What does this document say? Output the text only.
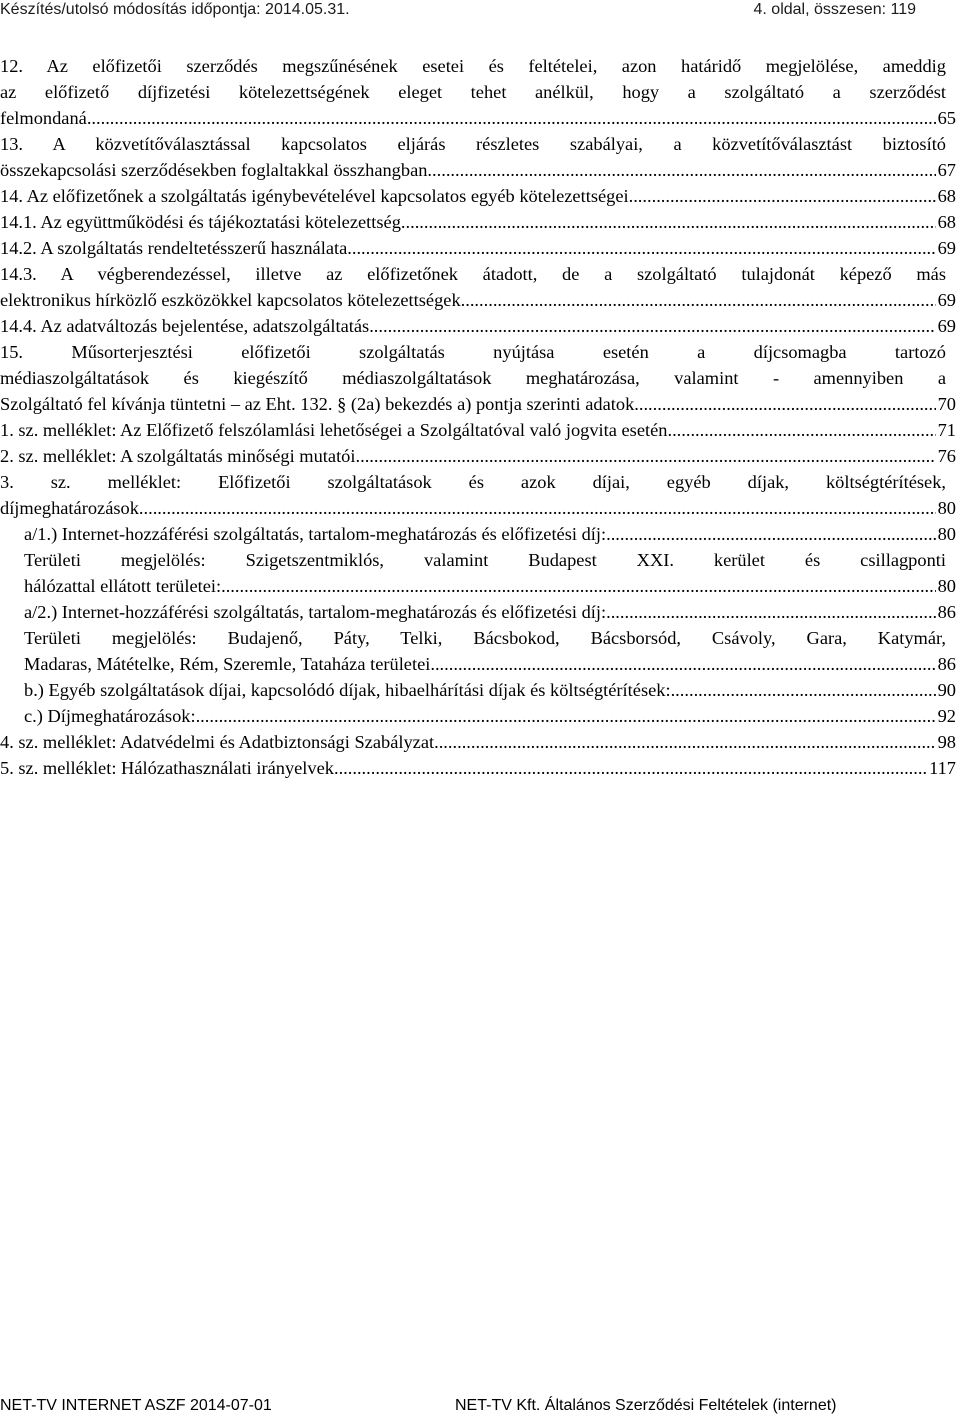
Készítés/utolsó módosítás időpontja: 2014.05.31.	4. oldal, összesen: 119
12. Az előfizetői szerződés megszűnésének esetei és feltételei, azon határidő megjelölése, ameddig
az előfizető díjfizetési kötelezettségének eleget tehet anélkül, hogy a szolgáltató a szerződést
felmondaná .....	65
13. A közvetítőválasztással kapcsolatos eljárás részletes szabályai, a közvetítőválasztást biztosító
összekapcsolási szerződésekben foglaltakkal összhangban. .....	67
14. Az előfizetőnek a szolgáltatás igénybevételével kapcsolatos egyéb kötelezettségei .....	68
14.1. Az együttműködési és tájékoztatási kötelezettség .....	68
14.2. A szolgáltatás rendeltetésszerű használata .....	69
14.3. A végberendezéssel, illetve az előfizetőnek átadott, de a szolgáltató tulajdonát képező más
elektronikus hírközlő eszközökkel kapcsolatos kötelezettségek .....	69
14.4. Az adatváltozás bejelentése, adatszolgáltatás .....	69
15. Műsorterjesztési előfizetői szolgáltatás nyújtása esetén a díjcsomagba tartozó
médiaszolgáltatások és kiegészítő médiaszolgáltatások meghatározása, valamint - amennyiben a
Szolgáltató fel kívánja tüntetni – az Eht. 132. § (2a) bekezdés a) pontja szerinti adatok. .....	70
1. sz. melléklet: Az Előfizető felszólamlási lehetőségei a Szolgáltatóval való jogvita esetén .....	71
2. sz. melléklet: A szolgáltatás minőségi mutatói .....	76
3. sz. melléklet: Előfizetői szolgáltatások és azok díjai, egyéb díjak, költségtérítések,
díjmeghatározások .....	80
a/1.) Internet-hozzáférési szolgáltatás, tartalom-meghatározás és előfizetési díj: .....	80
Területi megjelölés: Szigetszentmiklós, valamint Budapest XXI. kerület és csillagponti
hálózattal ellátott területei: .....	80
a/2.) Internet-hozzáférési szolgáltatás, tartalom-meghatározás és előfizetési díj: .....	86
Területi megjelölés: Budajenő, Páty, Telki, Bácsbokod, Bácsborsód, Csávoly, Gara, Katymár,
Madaras, Mátételke, Rém, Szeremle, Tataháza területei .....	86
b.) Egyéb szolgáltatások díjai, kapcsolódó díjak, hibaelhárítási díjak és költségtérítések: .....	90
c.) Díjmeghatározások: .....	92
4. sz. melléklet: Adatvédelmi és Adatbiztonsági Szabályzat .....	98
5. sz. melléklet: Hálózathasználati irányelvek .....	117
NET-TV INTERNET ASZF 2014-07-01	NET-TV Kft. Általános Szerződési Feltételek (internet)
